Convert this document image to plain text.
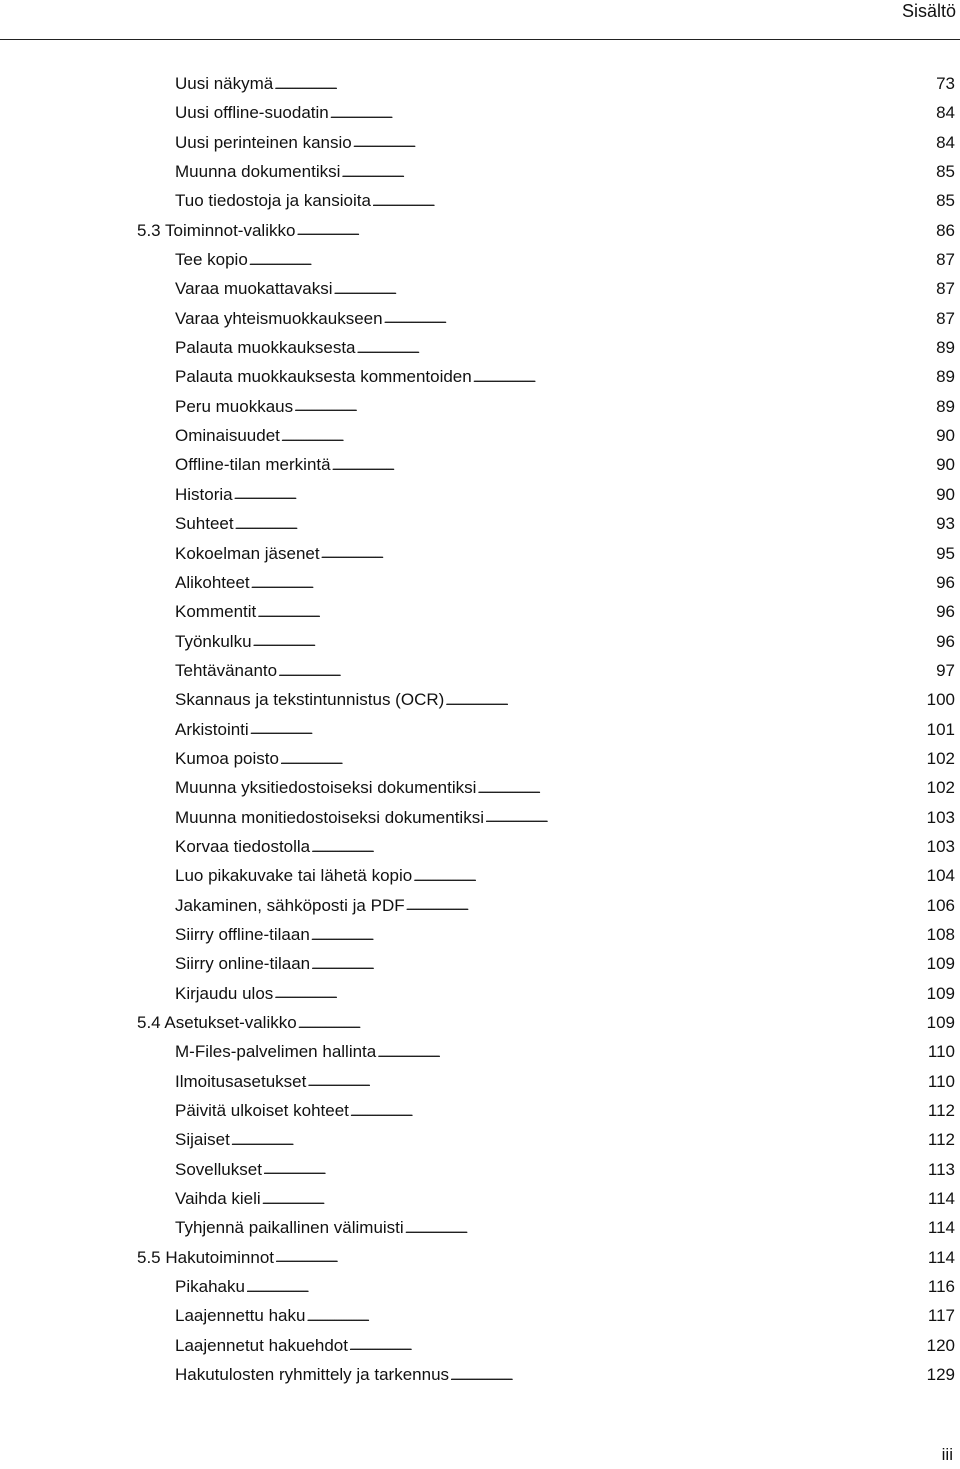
Sisältö
Uusi näkymä . . .	73
Uusi offline-suodatin . . .	84
Uusi perinteinen kansio . . .	84
Muunna dokumentiksi . . .	85
Tuo tiedostoja ja kansioita . . .	85
5.3 Toiminnot-valikko . . .	86
Tee kopio . . .	87
Varaa muokattavaksi . . .	87
Varaa yhteismuokkaukseen . . .	87
Palauta muokkauksesta . . .	89
Palauta muokkauksesta kommentoiden . . .	89
Peru muokkaus . . .	89
Ominaisuudet . . .	90
Offline-tilan merkintä . . .	90
Historia . . .	90
Suhteet . . .	93
Kokoelman jäsenet . . .	95
Alikohteet . . .	96
Kommentit . . .	96
Työnkulku . . .	96
Tehtävänanto . . .	97
Skannaus ja tekstintunnistus (OCR) . . .	100
Arkistointi . . .	101
Kumoa poisto . . .	102
Muunna yksitiedostoiseksi dokumentiksi . . .	102
Muunna monitiedostoiseksi dokumentiksi . . .	103
Korvaa tiedostolla . . .	103
Luo pikakuvake tai lähetä kopio . . .	104
Jakaminen, sähköposti ja PDF . . .	106
Siirry offline-tilaan . . .	108
Siirry online-tilaan . . .	109
Kirjaudu ulos . . .	109
5.4 Asetukset-valikko . . .	109
M-Files-palvelimen hallinta . . .	110
Ilmoitusasetukset . . .	110
Päivitä ulkoiset kohteet . . .	112
Sijaiset . . .	112
Sovellukset . . .	113
Vaihda kieli . . .	114
Tyhjennä paikallinen välimuisti . . .	114
5.5 Hakutoiminnot . . .	114
Pikahaku . . .	116
Laajennettu haku . . .	117
Laajennetut hakuehdot . . .	120
Hakutulosten ryhmittely ja tarkennus . . .	129
iii
